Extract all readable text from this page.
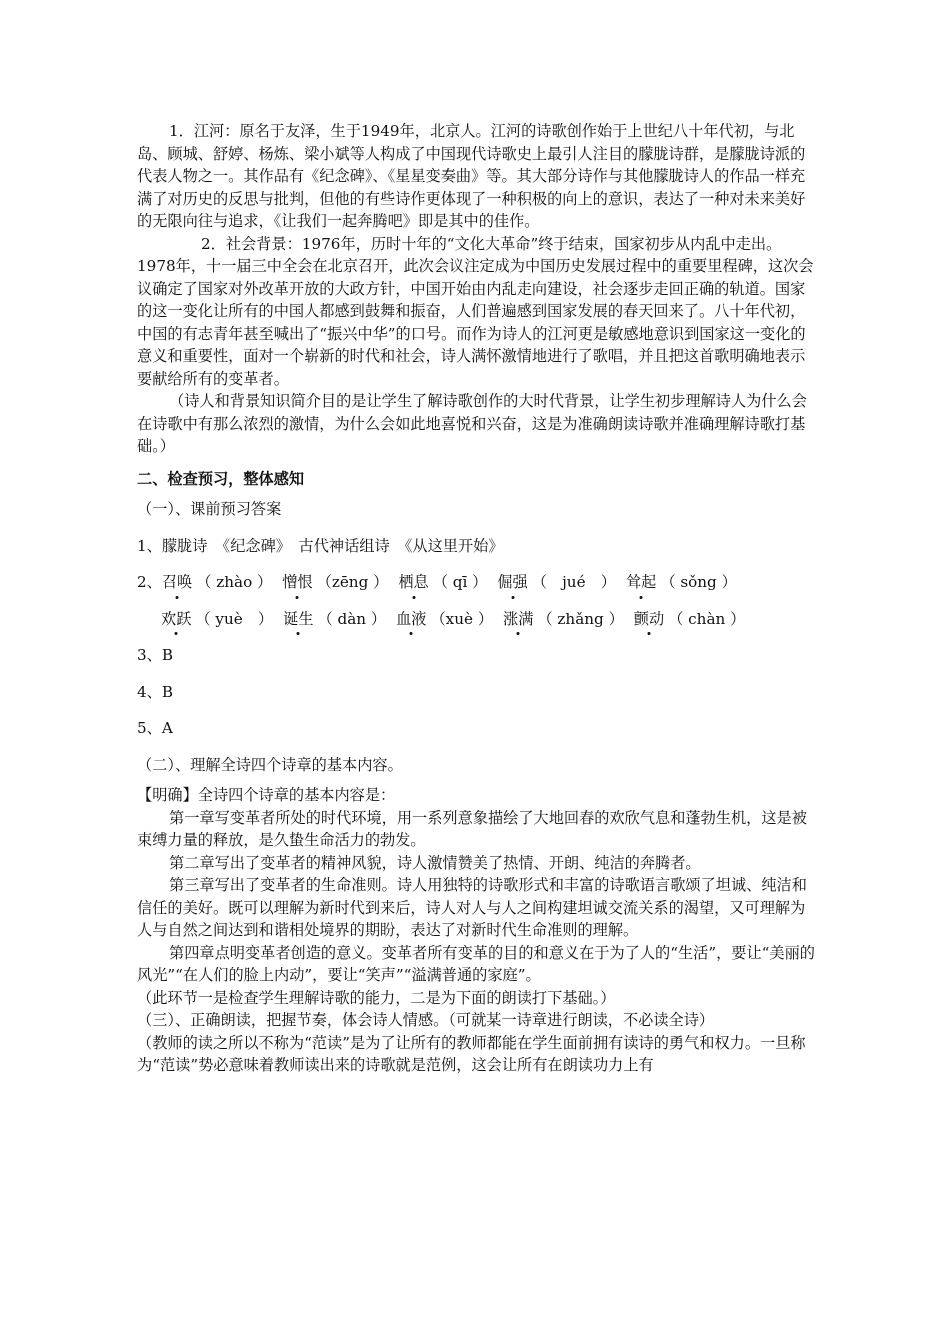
1．江河：原名于友泽，生于1949年，北京人。江河的诗歌创作始于上世纪八十年代初，与北岛、顾城、舒婷、杨炼、梁小斌等人构成了中国现代诗歌史上最引人注目的朦胧诗群，是朦胧诗派的代表人物之一。其作品有《纪念碑》、《星星变奏曲》等。其大部分诗作与其他朦胧诗人的作品一样充满了对历史的反思与批判，但他的有些诗作更体现了一种积极的向上的意识，表达了一种对未来美好的无限向往与追求，《让我们一起奔腾吧》即是其中的佳作。

2．社会背景：1976年，历时十年的“文化大革命”终于结束，国家初步从内乱中走出。1978年，十一届三中全会在北京召开，此次会议注定成为中国历史发展过程中的重要里程碑，这次会议确定了国家对外改革开放的大政方针，中国开始由内乱走向建设，社会逐步走回正确的轨道。国家的这一变化让所有的中国人都感到鼓舞和振奋，人们普遍感到国家发展的春天回来了。八十年代初，中国的有志青年甚至喊出了“振兴中华”的口号。而作为诗人的江河更是敏感地意识到国家这一变化的意义和重要性，面对一个崭新的时代和社会，诗人满怀激情地进行了歌唱，并且把这首歌明确地表示要献给所有的变革者。

（诗人和背景知识简介目的是让学生了解诗歌创作的大时代背景，让学生初步理解诗人为什么会在诗歌中有那么浓烈的激情，为什么会如此地喜悦和兴奋，这是为准确朗读诗歌并准确理解诗歌打基础。）

二、检查预习，整体感知

（一）、课前预习答案

1、朦胧诗　《纪念碑》　古代神话组诗　《从这里开始》

2、 召唤 （ zhào ） 憎恨 （zēng ） 栖息 （ qī ） 倔强 （　jué　） 耸起 （ sǒng ）
欢跃 （ yuè　） 诞生 （ dàn ） 血液 （xuè ） 涨满 （ zhǎng ） 颤动 （ chàn ）

3、B

4、B

5、A

（二）、理解全诗四个诗章的基本内容。

【明确】全诗四个诗章的基本内容是：

第一章写变革者所处的时代环境，用一系列意象描绘了大地回春的欢欣气息和蓬勃生机，这是被束缚力量的释放，是久蛰生命活力的勃发。

第二章写出了变革者的精神风貌，诗人激情赞美了热情、开朗、纯洁的奔腾者。

第三章写出了变革者的生命准则。诗人用独特的诗歌形式和丰富的诗歌语言歌颂了坦诚、纯洁和信任的美好。既可以理解为新时代到来后，诗人对人与人之间构建坦诚交流关系的渴望，又可理解为人与自然之间达到和谐相处境界的期盼，表达了对新时代生命准则的理解。

第四章点明变革者创造的意义。变革者所有变革的目的和意义在于为了人的“生活”，要让“美丽的风光”“在人们的脸上内动”，要让“笑声”“溢满普通的家庭”。

（此环节一是检查学生理解诗歌的能力，二是为下面的朗读打下基础。）

（三）、正确朗读，把握节奏，体会诗人情感。（可就某一诗章进行朗读，不必读全诗）

（教师的读之所以不称为“范读”是为了让所有的教师都能在学生面前拥有读诗的勇气和权力。一旦称为“范读”势必意味着教师读出来的诗歌就是范例，这会让所有在朗读功力上有
